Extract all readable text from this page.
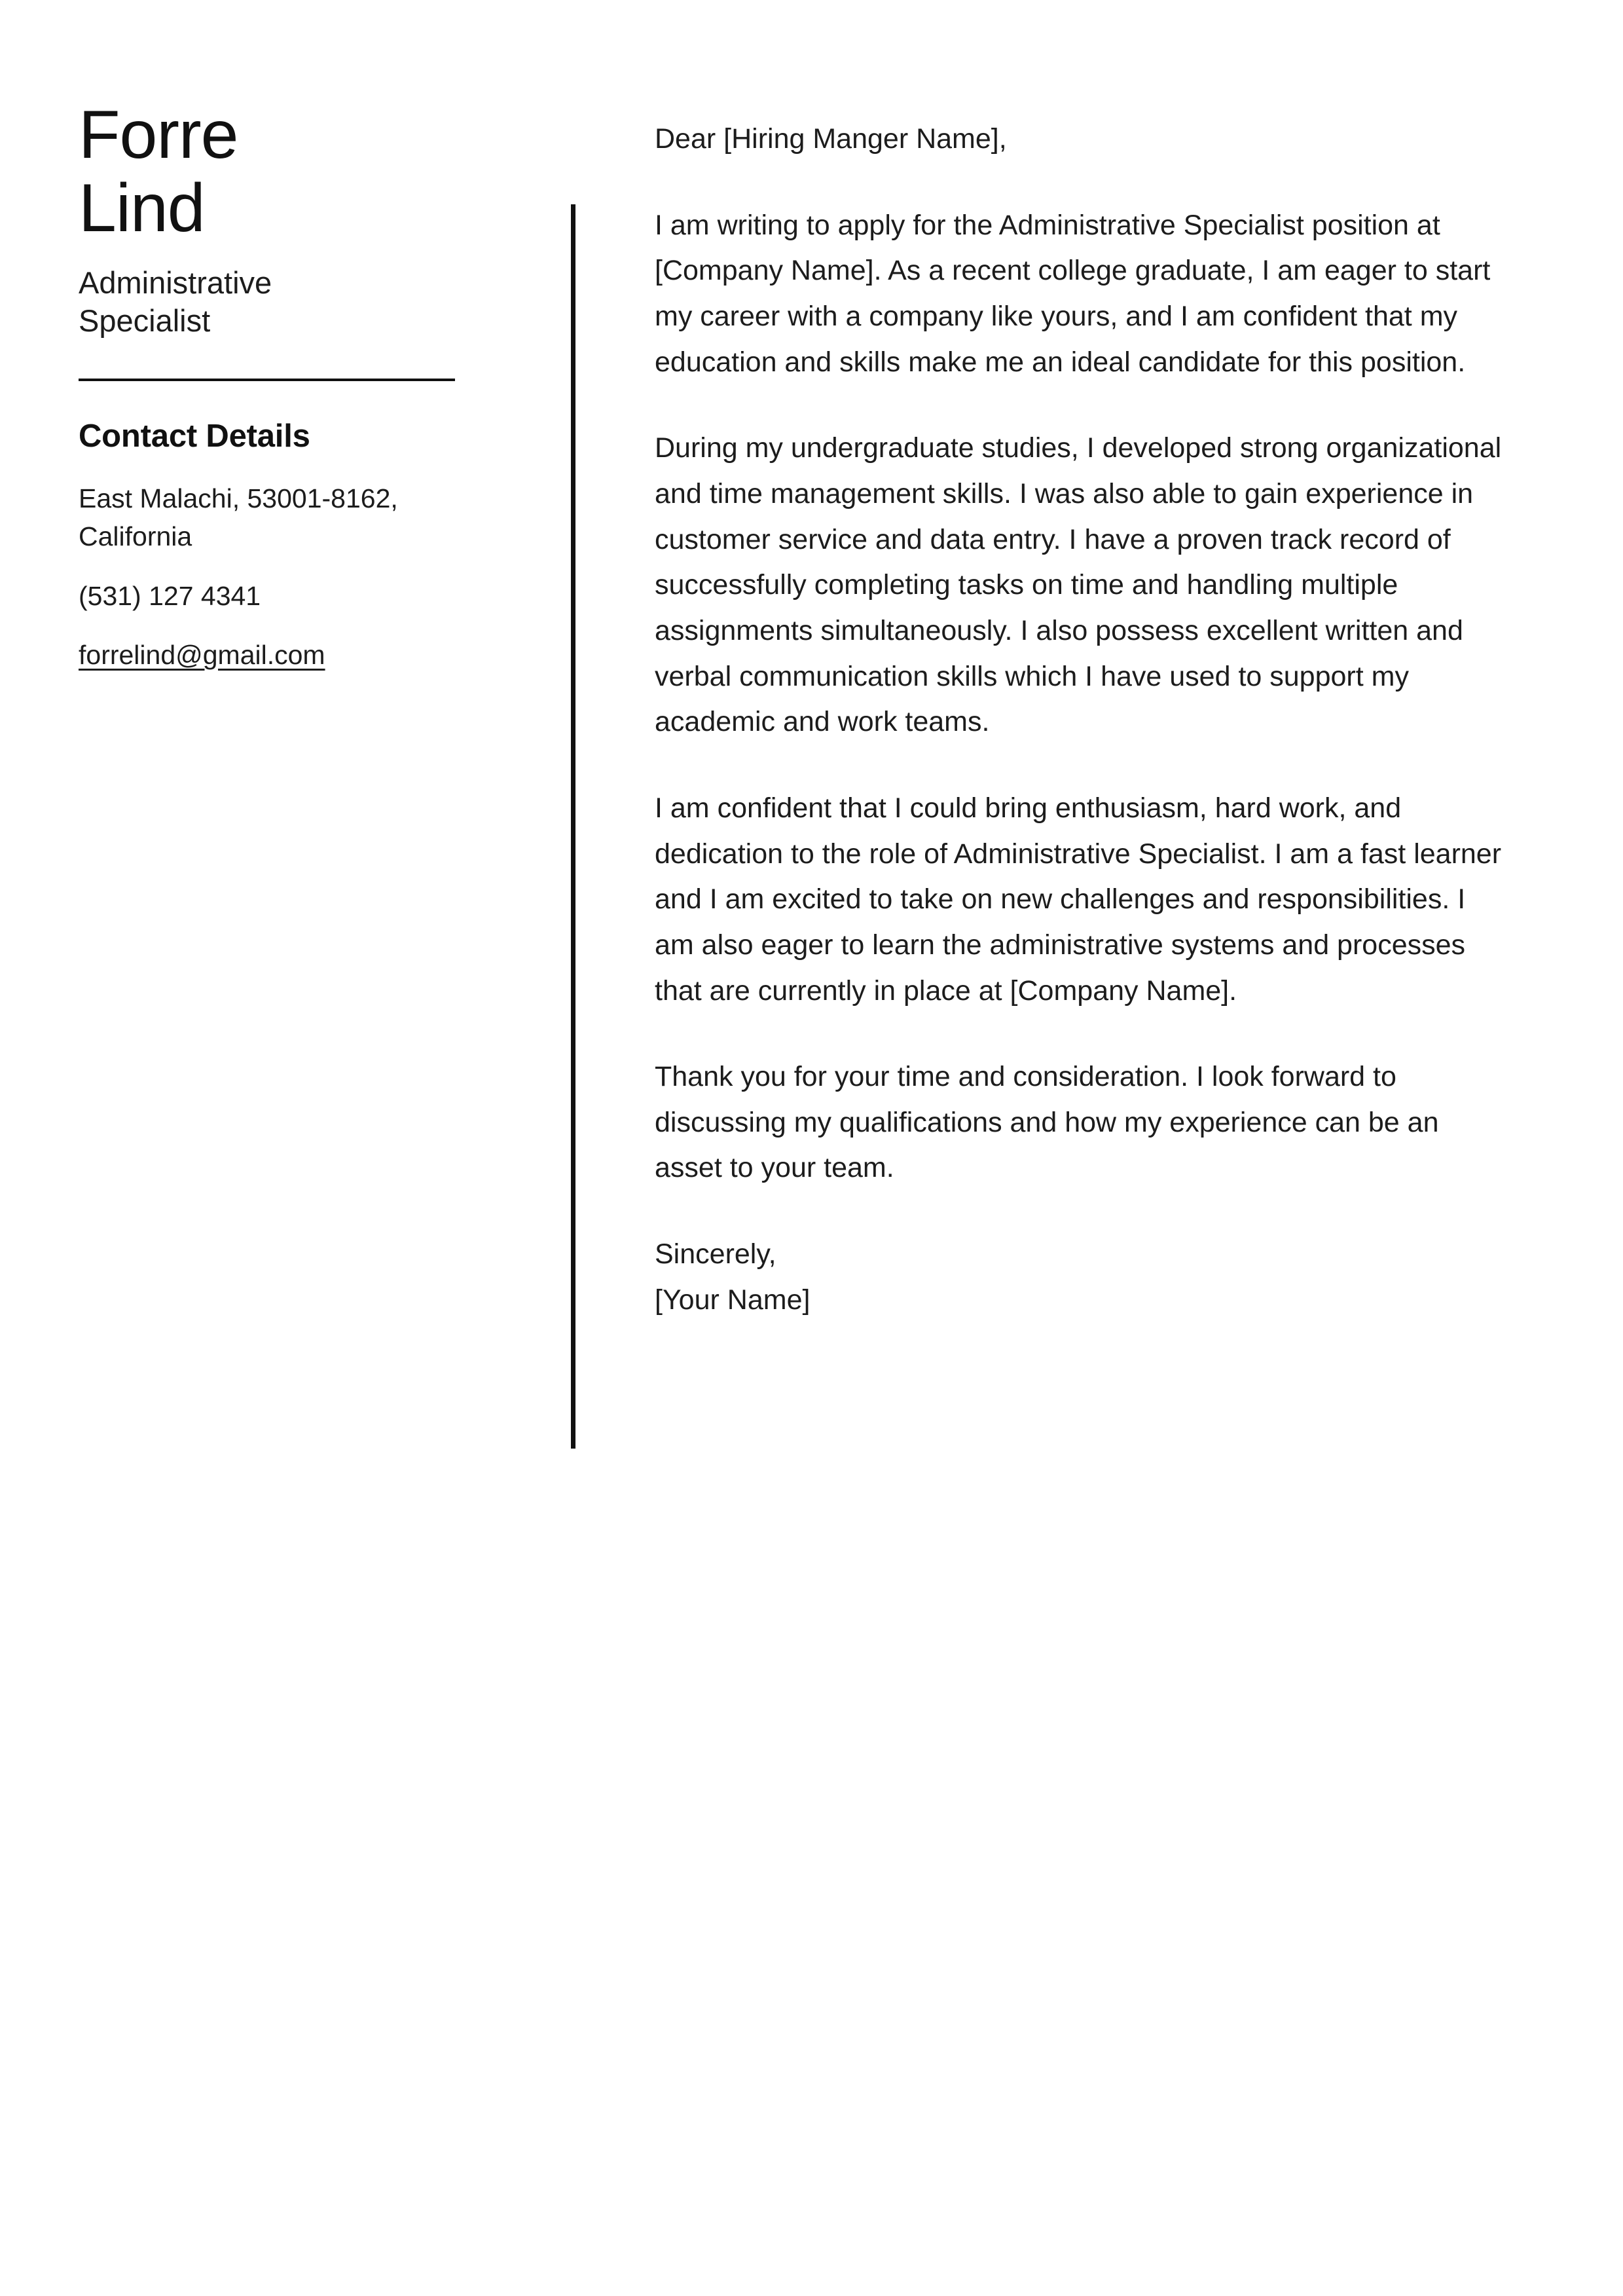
Forre
Lind
Administrative Specialist
Contact Details
East Malachi, 53001-8162, California
(531) 127 4341
forrelind@gmail.com

Dear [Hiring Manger Name],

I am writing to apply for the Administrative Specialist position at [Company Name]. As a recent college graduate, I am eager to start my career with a company like yours, and I am confident that my education and skills make me an ideal candidate for this position.

During my undergraduate studies, I developed strong organizational and time management skills. I was also able to gain experience in customer service and data entry. I have a proven track record of successfully completing tasks on time and handling multiple assignments simultaneously. I also possess excellent written and verbal communication skills which I have used to support my academic and work teams.

I am confident that I could bring enthusiasm, hard work, and dedication to the role of Administrative Specialist. I am a fast learner and I am excited to take on new challenges and responsibilities. I am also eager to learn the administrative systems and processes that are currently in place at [Company Name].

Thank you for your time and consideration. I look forward to discussing my qualifications and how my experience can be an asset to your team.

Sincerely,

[Your Name]
